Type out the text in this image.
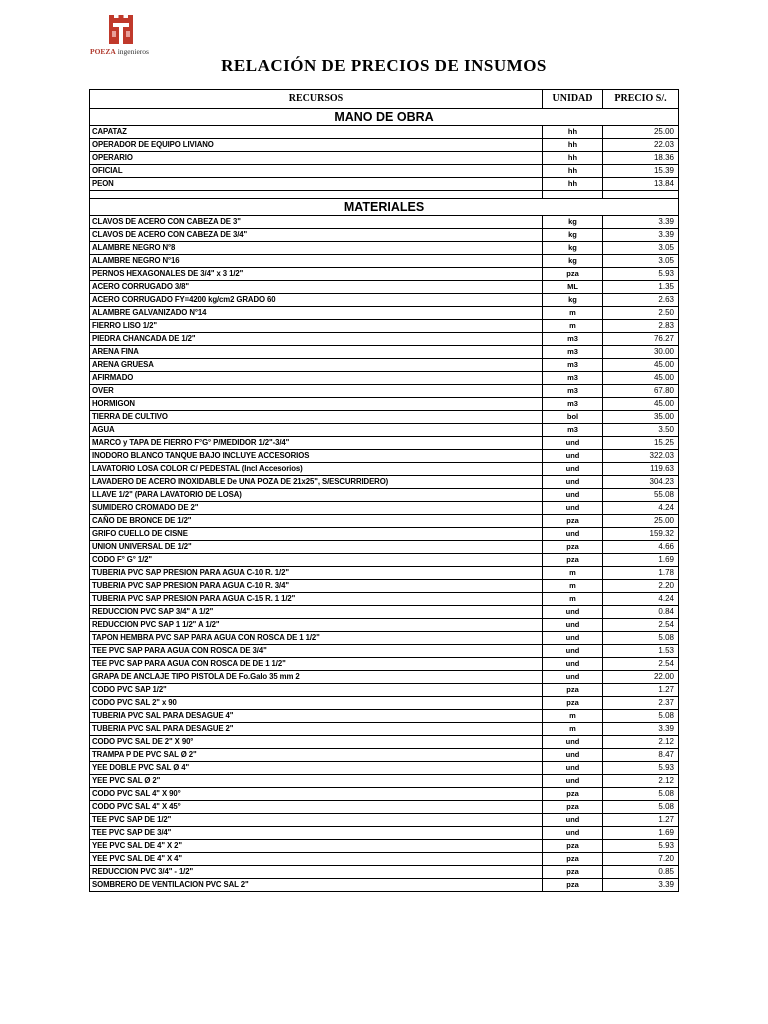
POEZA ingenieros
RELACIÓN DE PRECIOS DE INSUMOS
RECURSOS	UNIDAD	PRECIO S/.
MANO DE OBRA		
CAPATAZ	hh	25.00
OPERADOR DE EQUIPO LIVIANO	hh	22.03
OPERARIO	hh	18.36
OFICIAL	hh	15.39
PEON	hh	13.84

MATERIALES		
CLAVOS DE ACERO CON CABEZA DE 3"	kg	3.39
CLAVOS DE ACERO CON CABEZA DE 3/4"	kg	3.39
ALAMBRE NEGRO N°8	kg	3.05
ALAMBRE NEGRO N°16	kg	3.05
PERNOS HEXAGONALES DE 3/4" x 3 1/2"	pza	5.93
ACERO CORRUGADO 3/8"	ML	1.35
ACERO CORRUGADO FY=4200 kg/cm2 GRADO 60	kg	2.63
ALAMBRE GALVANIZADO N°14	m	2.50
FIERRO LISO 1/2"	m	2.83
PIEDRA CHANCADA DE 1/2"	m3	76.27
ARENA FINA	m3	30.00
ARENA GRUESA	m3	45.00
AFIRMADO	m3	45.00
OVER	m3	67.80
HORMIGON	m3	45.00
TIERRA DE CULTIVO	bol	35.00
AGUA	m3	3.50
MARCO y TAPA DE FIERRO F°G° P/MEDIDOR 1/2"-3/4"	und	15.25
INODORO BLANCO TANQUE BAJO INCLUYE ACCESORIOS	und	322.03
LAVATORIO LOSA COLOR C/ PEDESTAL (Incl Accesorios)	und	119.63
LAVADERO DE ACERO INOXIDABLE De UNA POZA DE 21x25", S/ESCURRIDERO)	und	304.23
LLAVE 1/2" (PARA LAVATORIO DE LOSA)	und	55.08
SUMIDERO CROMADO DE 2"	und	4.24
CAÑO DE BRONCE DE 1/2"	pza	25.00
GRIFO CUELLO DE CISNE	und	159.32
UNION UNIVERSAL DE 1/2"	pza	4.66
CODO F° G° 1/2"	pza	1.69
TUBERIA PVC SAP PRESION PARA AGUA C-10 R. 1/2"	m	1.78
TUBERIA PVC SAP PRESION PARA AGUA C-10 R. 3/4"	m	2.20
TUBERIA PVC SAP PRESION PARA AGUA C-15 R. 1 1/2"	m	4.24
REDUCCION PVC SAP 3/4" A 1/2"	und	0.84
REDUCCION PVC SAP 1 1/2" A 1/2"	und	2.54
TAPON HEMBRA PVC SAP PARA AGUA CON ROSCA DE 1 1/2"	und	5.08
TEE PVC SAP PARA AGUA CON ROSCA DE 3/4"	und	1.53
TEE PVC SAP PARA AGUA CON ROSCA DE DE 1 1/2"	und	2.54
GRAPA DE ANCLAJE TIPO PISTOLA DE Fo.Galo 35 mm 2	und	22.00
CODO PVC SAP 1/2"	pza	1.27
CODO PVC SAL 2" x 90	pza	2.37
TUBERIA PVC SAL PARA DESAGUE 4"	m	5.08
TUBERIA PVC SAL PARA DESAGUE 2"	m	3.39
CODO PVC SAL DE 2" X 90°	und	2.12
TRAMPA P DE PVC SAL Ø 2"	und	8.47
YEE DOBLE PVC SAL Ø 4"	und	5.93
YEE PVC SAL Ø 2"	und	2.12
CODO PVC SAL 4" X 90°	pza	5.08
CODO PVC SAL 4" X 45°	pza	5.08
TEE PVC SAP DE 1/2"	und	1.27
TEE PVC SAP DE 3/4"	und	1.69
YEE PVC SAL DE 4" X 2"	pza	5.93
YEE PVC SAL DE 4" X 4"	pza	7.20
REDUCCION PVC 3/4" - 1/2"	pza	0.85
SOMBRERO DE VENTILACION PVC SAL 2"	pza	3.39
